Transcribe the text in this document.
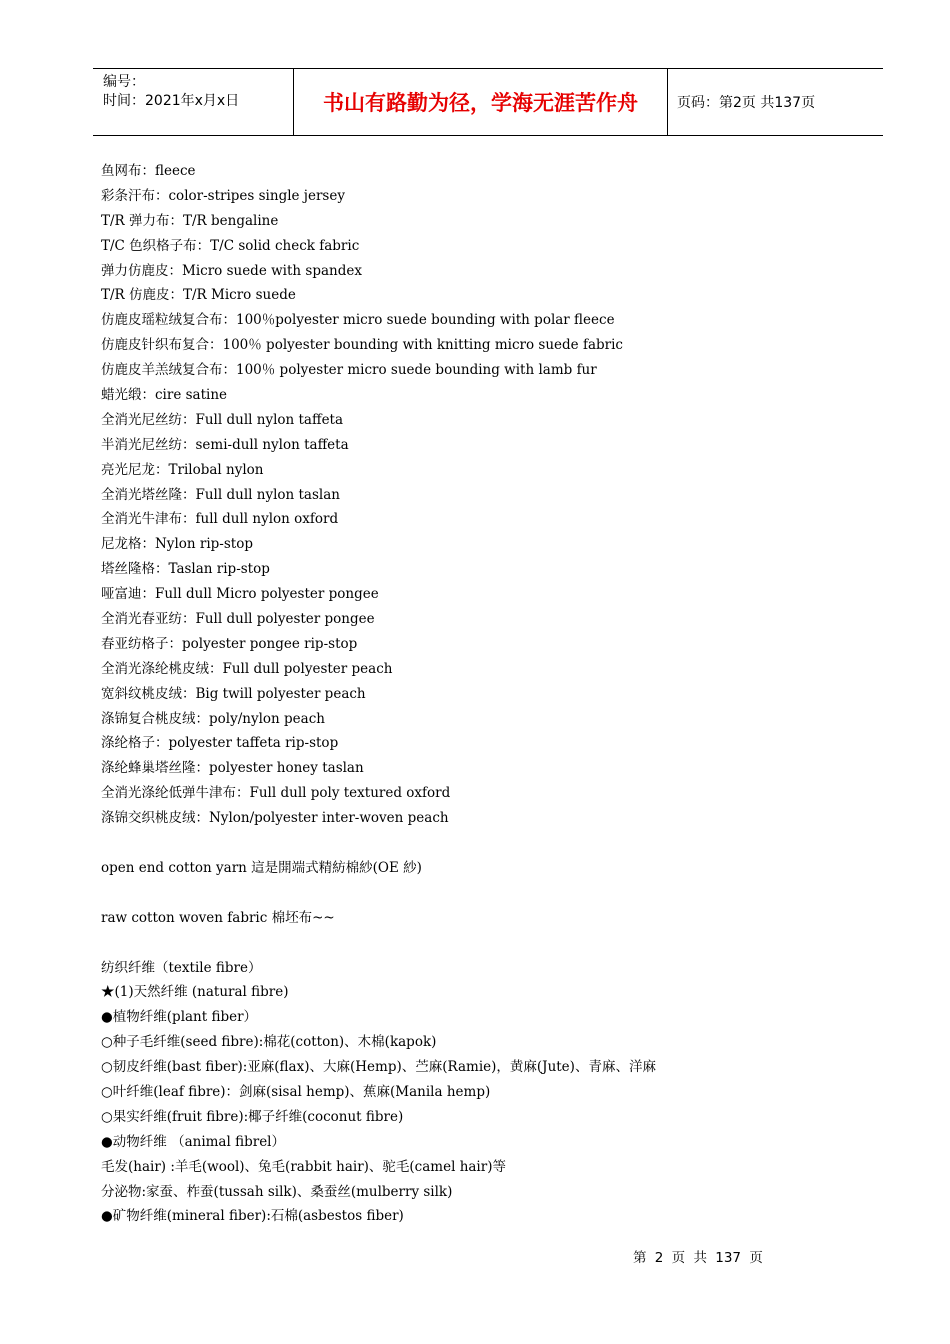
编号：
时间：2021年x月x日	书山有路勤为径，学海无涯苦作舟	页码：第2页 共137页
鱼网布：fleece
彩条汗布：color-stripes single jersey
T/R 弹力布：T/R bengaline
T/C 色织格子布：T/C solid check fabric
弹力仿鹿皮：Micro suede with spandex
T/R 仿鹿皮：T/R Micro suede
仿鹿皮瑶粒绒复合布：100％polyester micro suede bounding with polar fleece
仿鹿皮针织布复合：100％ polyester bounding with knitting micro suede fabric
仿鹿皮羊羔绒复合布：100％ polyester micro suede bounding with lamb fur
蜡光缎：cire satine
全消光尼丝纺：Full dull nylon taffeta
半消光尼丝纺：semi-dull nylon taffeta
亮光尼龙：Trilobal nylon
全消光塔丝隆：Full dull nylon taslan
全消光牛津布：full dull nylon oxford
尼龙格：Nylon rip-stop
塔丝隆格：Taslan rip-stop
哑富迪：Full dull Micro polyester pongee
全消光春亚纺：Full dull polyester pongee
春亚纺格子：polyester pongee rip-stop
全消光涤纶桃皮绒：Full dull polyester peach
宽斜纹桃皮绒：Big twill polyester peach
涤锦复合桃皮绒：poly/nylon peach
涤纶格子：polyester taffeta rip-stop
涤纶蜂巢塔丝隆：polyester honey taslan
全消光涤纶低弹牛津布：Full dull poly textured oxford
涤锦交织桃皮绒：Nylon/polyester inter-woven peach
open end cotton yarn 這是開端式精紡棉紗(OE 紗)
raw cotton woven fabric 棉坯布~~
纺织纤维（textile fibre）
★(1)天然纤维 (natural fibre)
●植物纤维(plant fiber）
○种子毛纤维(seed fibre):棉花(cotton)、木棉(kapok)
○韧皮纤维(bast fiber):亚麻(flax)、大麻(Hemp)、苎麻(Ramie)，黄麻(Jute)、青麻、洋麻
○叶纤维(leaf fibre)：剑麻(sisal hemp)、蕉麻(Manila hemp)
○果实纤维(fruit fibre):椰子纤维(coconut fibre)
●动物纤维 （animal fibrel）
毛发(hair) :羊毛(wool)、兔毛(rabbit hair)、驼毛(camel hair)等
分泌物:家蚕、柞蚕(tussah silk)、桑蚕丝(mulberry silk)
●矿物纤维(mineral fiber):石棉(asbestos fiber)
第 2 页 共 137 页
